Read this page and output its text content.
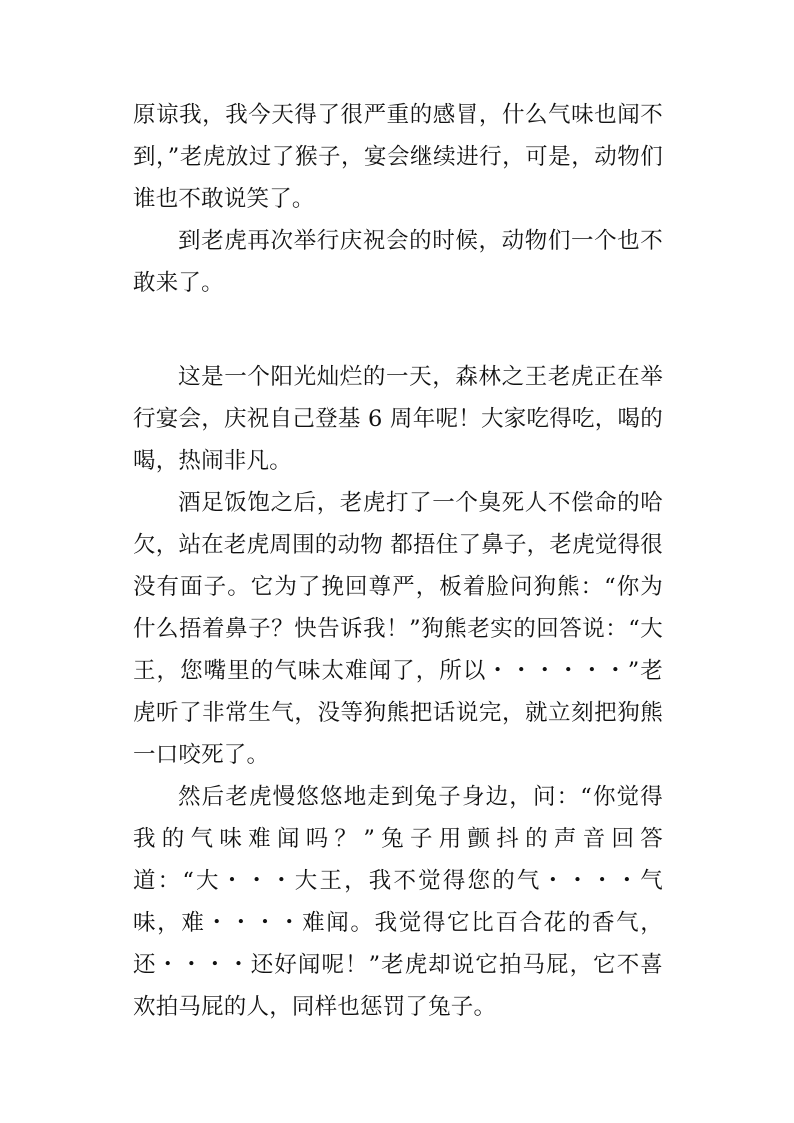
原谅我，我今天得了很严重的感冒，什么气味也闻不到，”老虎放过了猴子，宴会继续进行，可是，动物们谁也不敢说笑了。

到老虎再次举行庆祝会的时候，动物们一个也不敢来了。

这是一个阳光灿烂的一天，森林之王老虎正在举行宴会，庆祝自己登基 6 周年呢！大家吃得吃，喝的喝，热闹非凡。

酒足饭饱之后，老虎打了一个臭死人不偿命的哈欠，站在老虎周围的动物 都捂住了鼻子，老虎觉得很没有面子。它为了挽回尊严，板着脸问狗熊：“你为什么捂着鼻子？快告诉我！”狗熊老实的回答说：“大王，您嘴里的气味太难闻了，所以・・・・・・”老虎听了非常生气，没等狗熊把话说完，就立刻把狗熊一口咬死了。

然后老虎慢悠悠地走到兔子身边，问：“你觉得我的气味难闻吗？”兔子用颤抖的声音回答道：“大・・・大王，我不觉得您的气・・・・气味，难・・・・难闻。我觉得它比百合花的香气，还・・・・还好闻呢！”老虎却说它拍马屁，它不喜欢拍马屁的人，同样也惩罚了兔子。
